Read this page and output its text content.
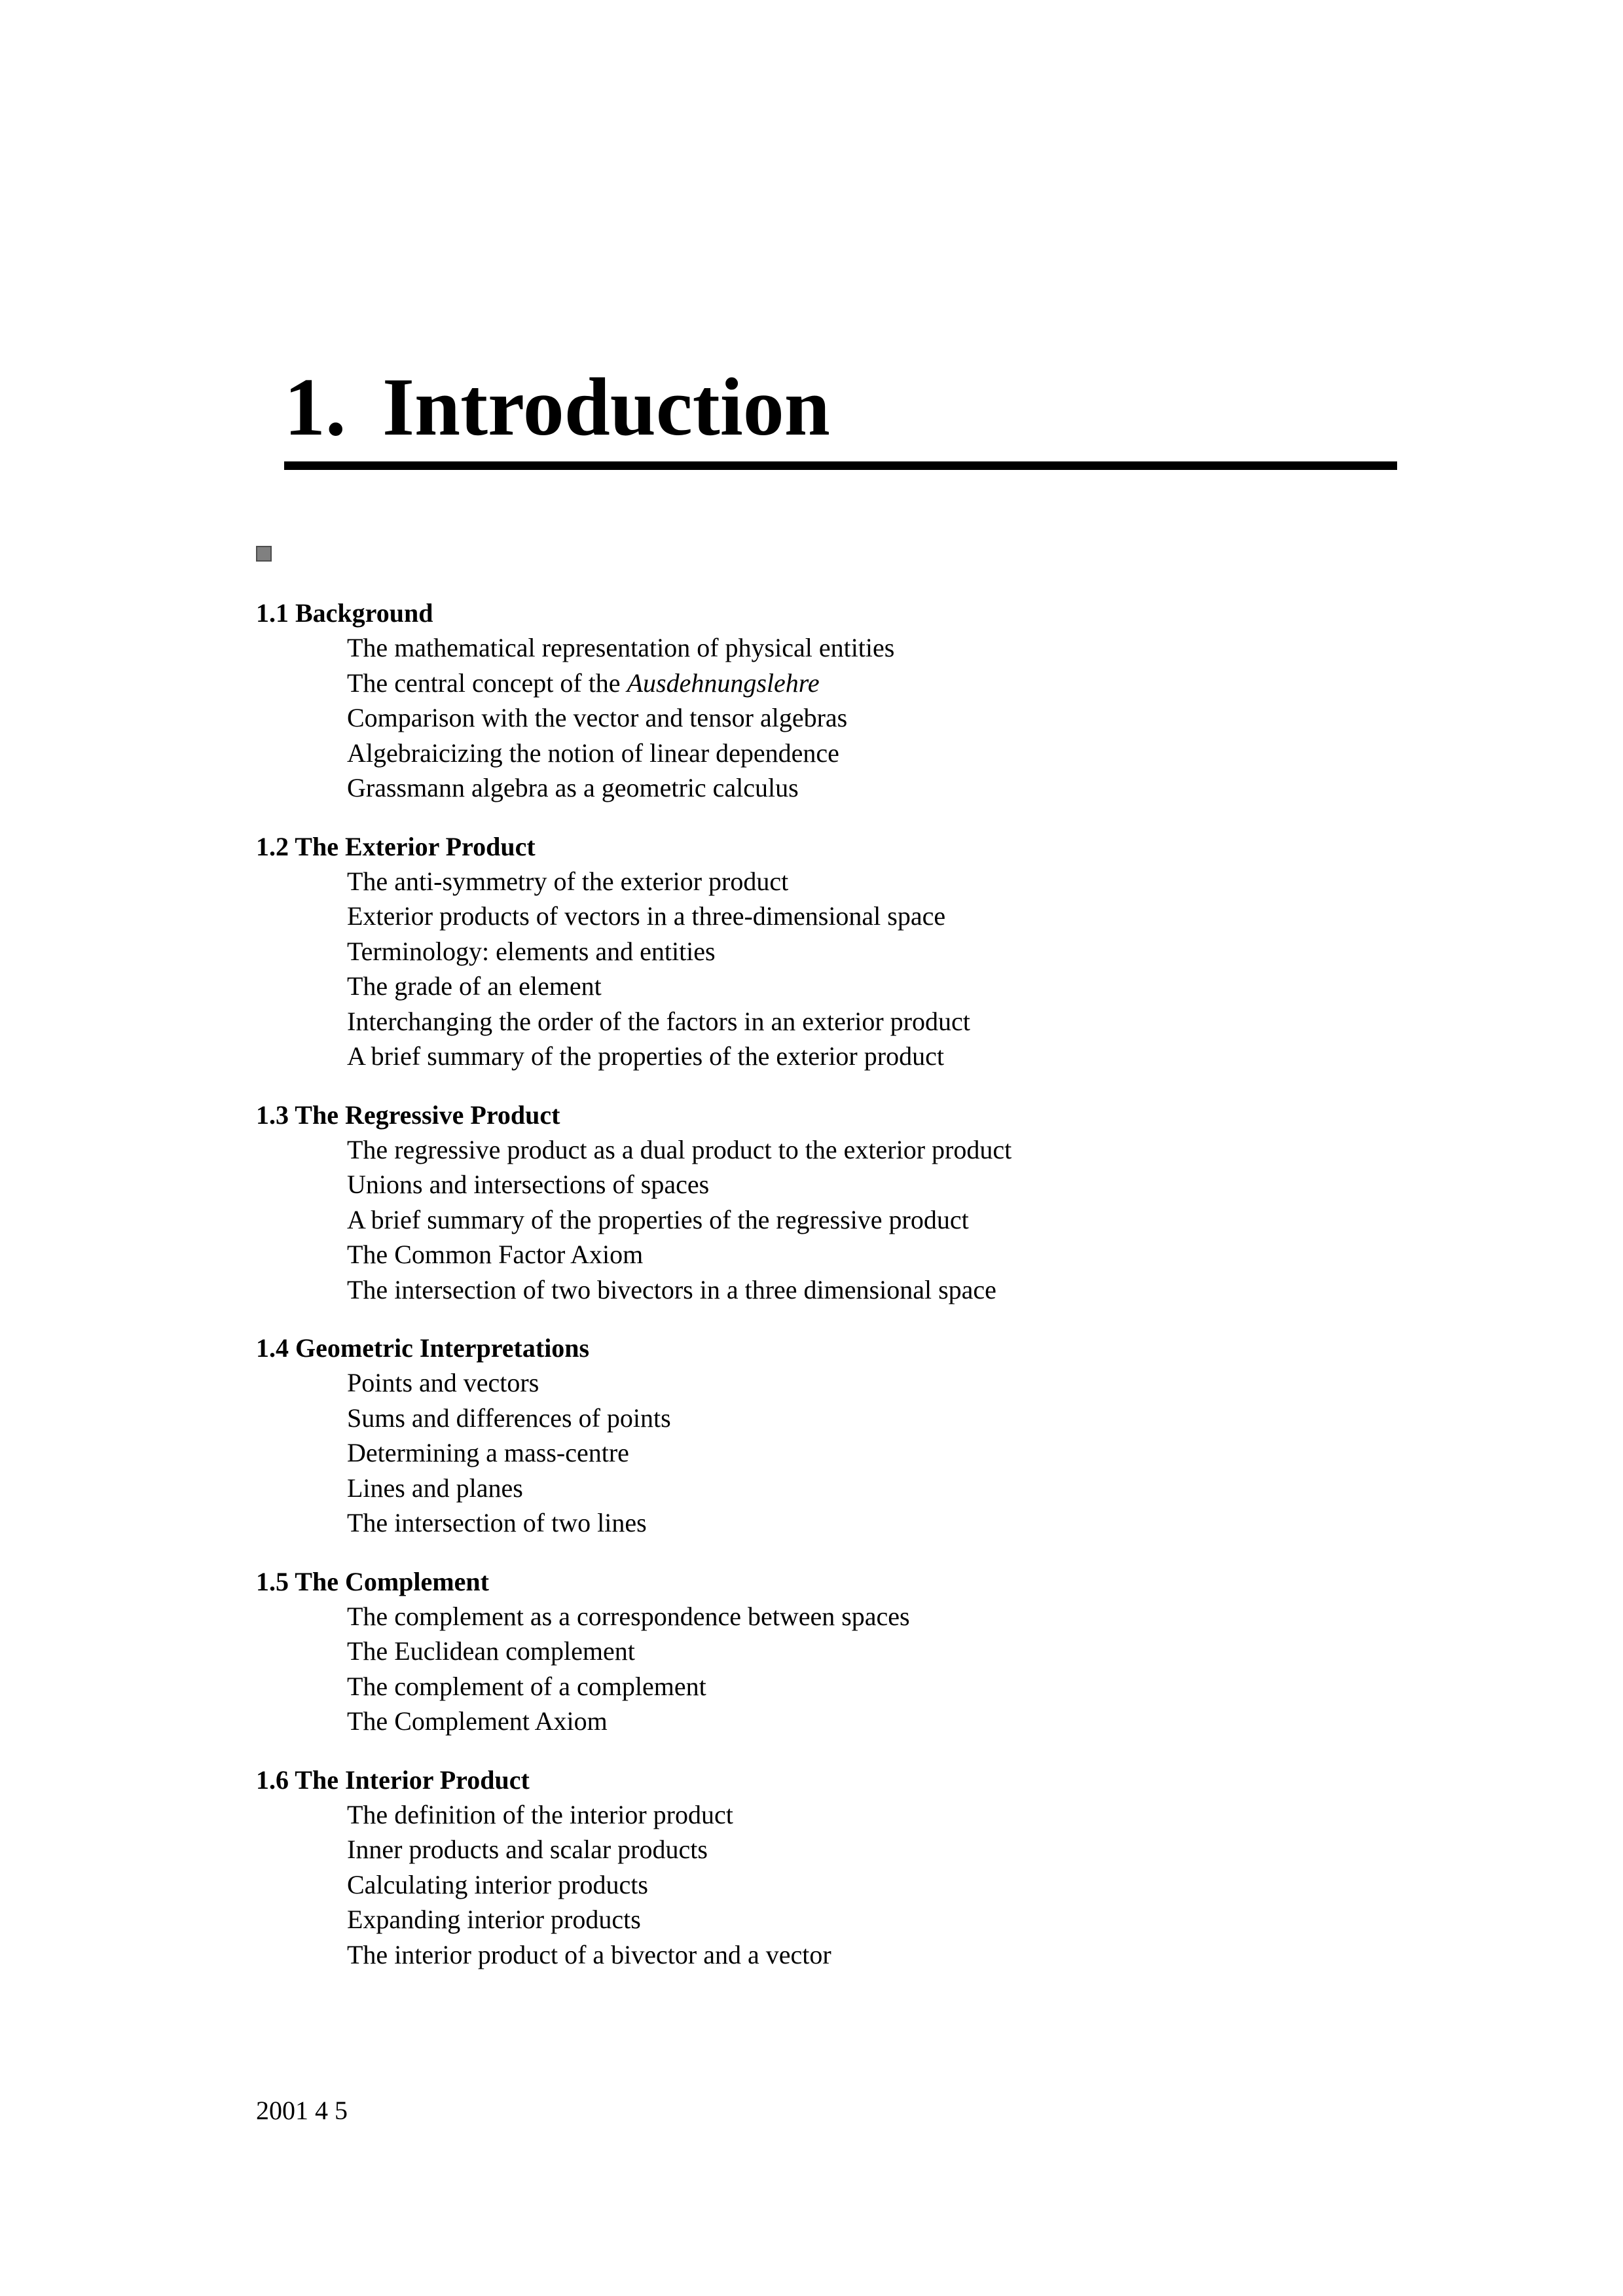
1. Introduction
1.1 Background
The mathematical representation of physical entities
The central concept of the Ausdehnungslehre
Comparison with the vector and tensor algebras
Algebraicizing the notion of linear dependence
Grassmann algebra as a geometric calculus
1.2 The Exterior Product
The anti-symmetry of the exterior product
Exterior products of vectors in a three-dimensional space
Terminology: elements and entities
The grade of an element
Interchanging the order of the factors in an exterior product
A brief summary of the properties of the exterior product
1.3 The Regressive Product
The regressive product as a dual product to the exterior product
Unions and intersections of spaces
A brief summary of the properties of the regressive product
The Common Factor Axiom
The intersection of two bivectors in a three dimensional space
1.4 Geometric Interpretations
Points and vectors
Sums and differences of points
Determining a mass-centre
Lines and planes
The intersection of two lines
1.5 The Complement
The complement as a correspondence between spaces
The Euclidean complement
The complement of a complement
The Complement Axiom
1.6 The Interior Product
The definition of the interior product
Inner products and scalar products
Calculating interior products
Expanding interior products
The interior product of a bivector and a vector
2001 4 5
